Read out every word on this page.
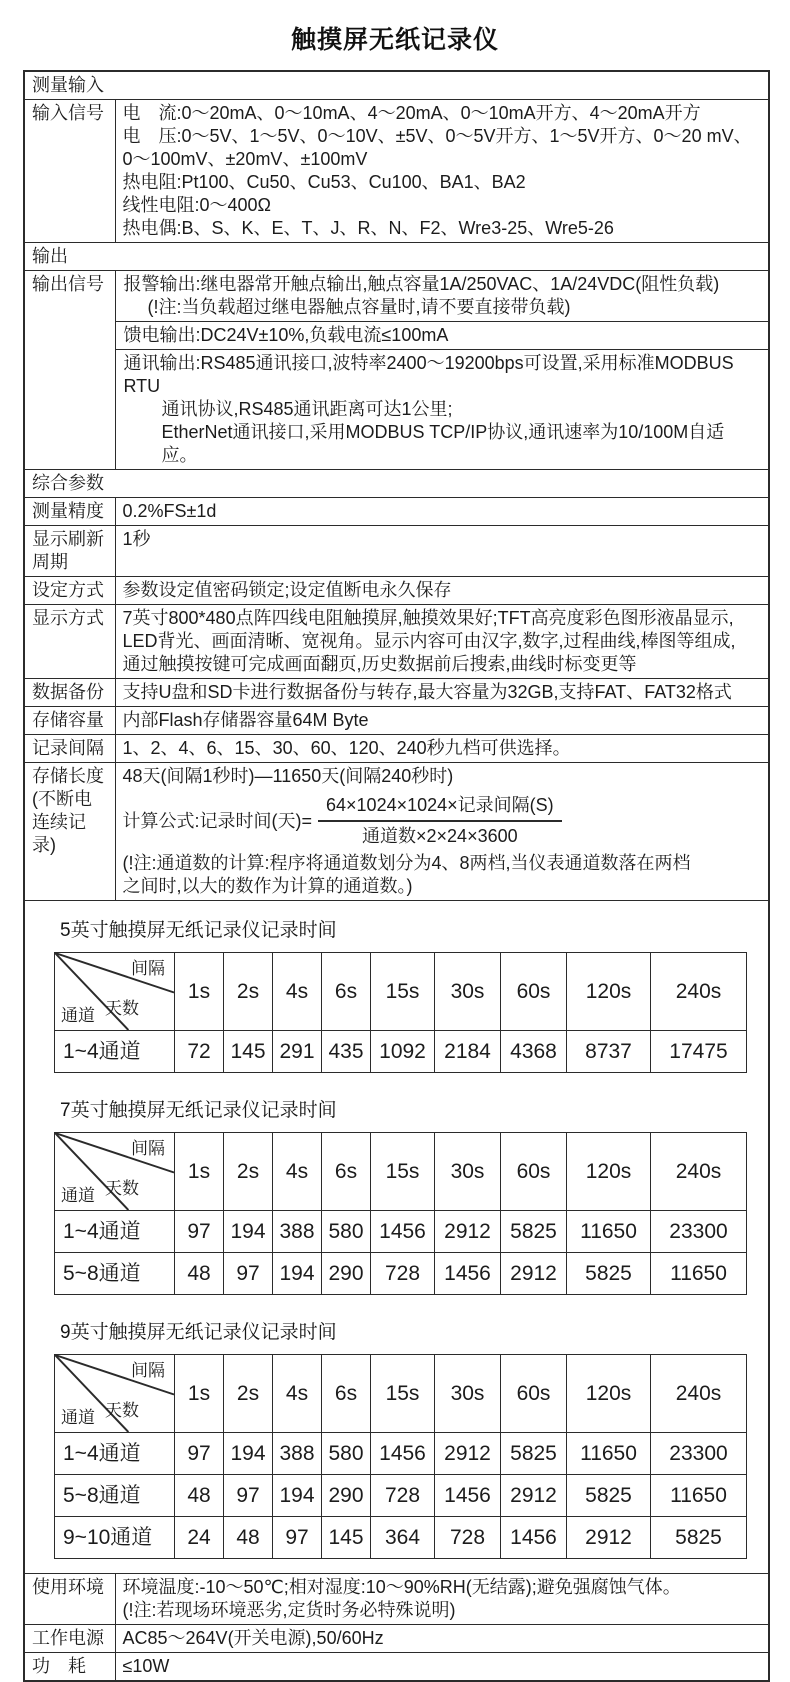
触摸屏无纸记录仪
测量输入
输入信号	电　流:0～20mA、0～10mA、4～20mA、0～10mA开方、4～20mA开方
电　压:0～5V、1～5V、0～10V、±5V、0～5V开方、1～5V开方、0～20 mV、
0～100mV、±20mV、±100mV
热电阻:Pt100、Cu50、Cu53、Cu100、BA1、BA2
线性电阻:0～400Ω
热电偶:B、S、K、E、T、J、R、N、F2、Wre3-25、Wre5-26

输出
输出信号	报警输出:继电器常开触点输出,触点容量1A/250VAC、1A/24VDC(阻性负载)
(!注:当负载超过继电器触点容量时,请不要直接带负载)
馈电输出:DC24V±10%,负载电流≤100mA
通讯输出:RS485通讯接口,波特率2400～19200bps可设置,采用标准MODBUS RTU
通讯协议,RS485通讯距离可达1公里;
EtherNet通讯接口,采用MODBUS TCP/IP协议,通讯速率为10/100M自适应。

综合参数
测量精度	0.2%FS±1d
显示刷新周期	1秒
设定方式	参数设定值密码锁定;设定值断电永久保存
显示方式	7英寸800*480点阵四线电阻触摸屏,触摸效果好;TFT高亮度彩色图形液晶显示,
LED背光、画面清晰、宽视角。显示内容可由汉字,数字,过程曲线,棒图等组成,
通过触摸按键可完成画面翻页,历史数据前后搜索,曲线时标变更等

数据备份	支持U盘和SD卡进行数据备份与转存,最大容量为32GB,支持FAT、FAT32格式
存储容量	内部Flash存储器容量64M Byte
记录间隔	1、2、4、6、15、30、60、120、240秒九档可供选择。

存储长度
(不断电
连续记录)

48天(间隔1秒时)—11650天(间隔240秒时)
计算公式:记录时间(天)= $\frac{\text{64×1024×1024×记录间隔(S)}}{\text{通道数×2×24×3600}}$
(!注:通道数的计算:程序将通道数划分为4、8两档,当仪表通道数落在两档
之间时,以大的数作为计算的通道数。)

5英寸触摸屏无纸记录仪记录时间
间隔
天数
通道
	1s	2s	4s	6s	15s	30s	60s	120s	240s
1~4通道	72	145	291	435	1092	2184	4368	8737	17475
7英寸触摸屏无纸记录仪记录时间
间隔
天数
通道
	1s	2s	4s	6s	15s	30s	60s	120s	240s
1~4通道	97	194	388	580	1456	2912	5825	11650	23300
5~8通道	48	97	194	290	728	1456	2912	5825	11650
9英寸触摸屏无纸记录仪记录时间
间隔
天数
通道
	1s	2s	4s	6s	15s	30s	60s	120s	240s
1~4通道	97	194	388	580	1456	2912	5825	11650	23300
5~8通道	48	97	194	290	728	1456	2912	5825	11650
9~10通道	24	48	97	145	364	728	1456	2912	5825

使用环境	环境温度:-10～50℃;相对湿度:10～90%RH(无结露);避免强腐蚀气体。
(!注:若现场环境恶劣,定货时务必特殊说明)

工作电源	AC85～264V(开关电源),50/60Hz
功　耗	≤10W
